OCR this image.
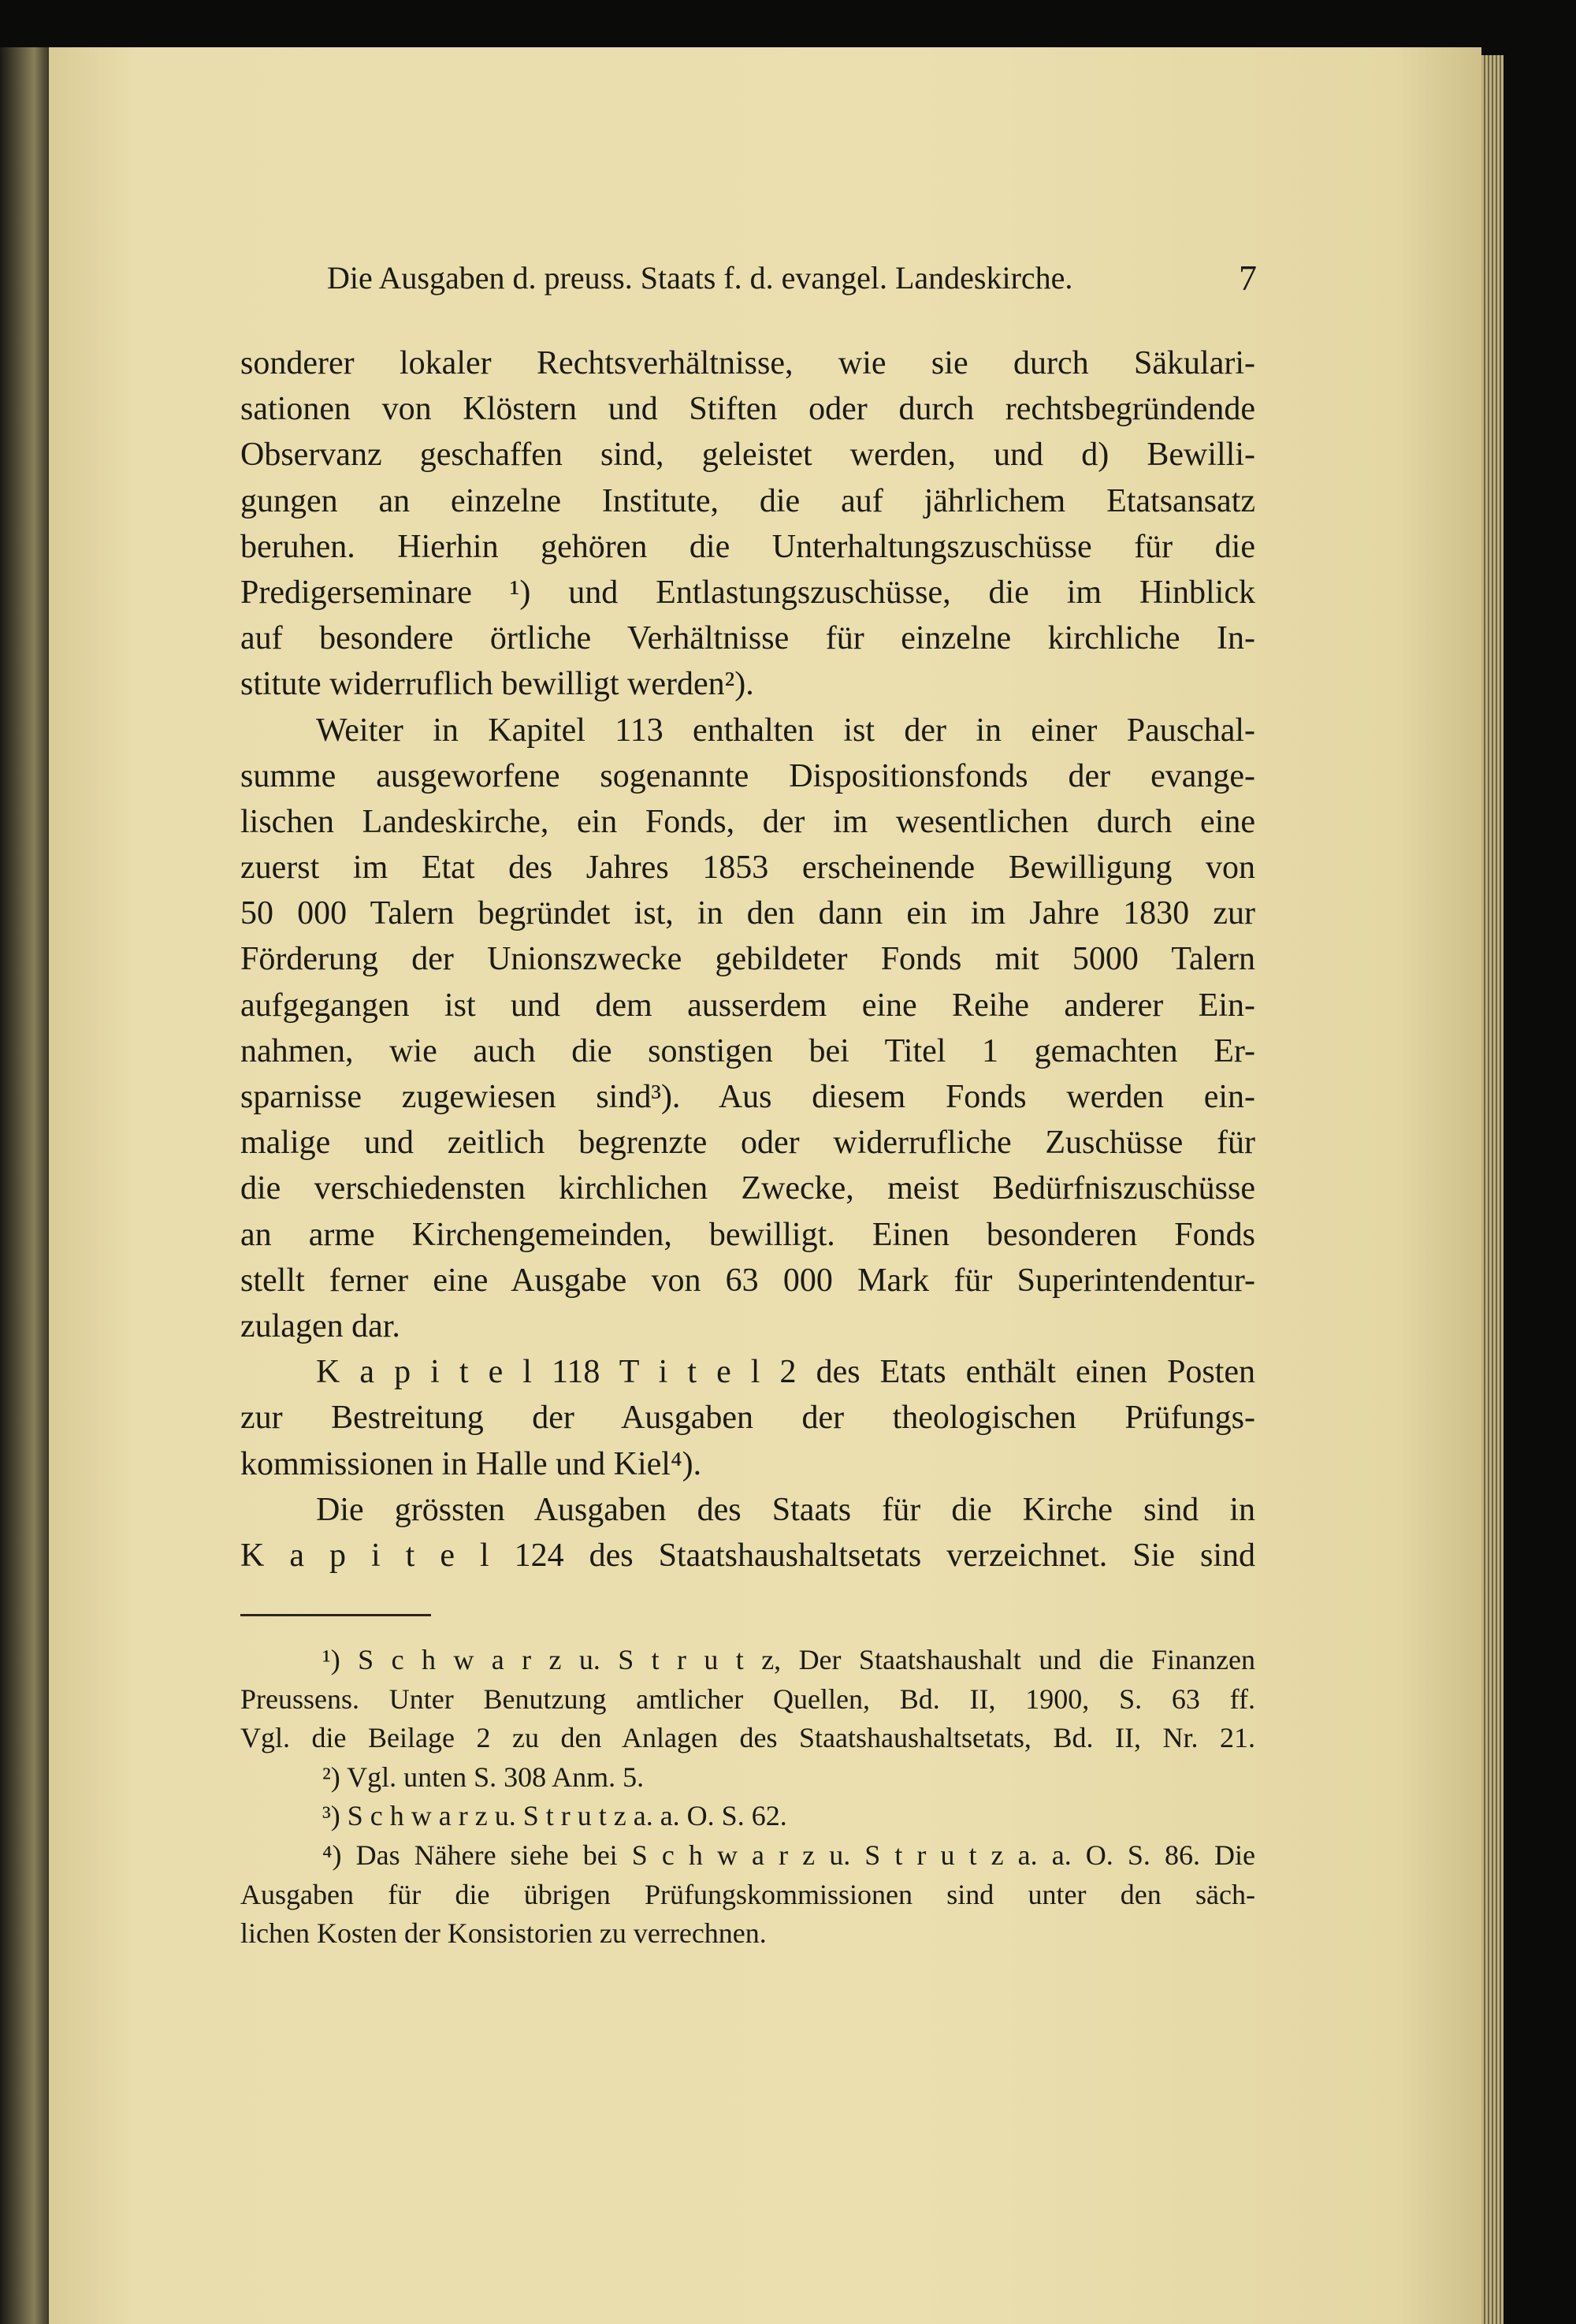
Die Ausgaben d. preuss. Staats f. d. evangel. Landeskirche.	7
sonderer lokaler Rechtsverhältnisse, wie sie durch Säkulari-
sationen von Klöstern und Stiften oder durch rechtsbegründende
Observanz geschaffen sind, geleistet werden, und d) Bewilli-
gungen an einzelne Institute, die auf jährlichem Etatsansatz
beruhen. Hierhin gehören die Unterhaltungszuschüsse für die
Predigerseminare ¹) und Entlastungszuschüsse, die im Hinblick
auf besondere örtliche Verhältnisse für einzelne kirchliche In-
stitute widerruflich bewilligt werden²).
Weiter in Kapitel 113 enthalten ist der in einer Pauschal-
summe ausgeworfene sogenannte Dispositionsfonds der evange-
lischen Landeskirche, ein Fonds, der im wesentlichen durch eine
zuerst im Etat des Jahres 1853 erscheinende Bewilligung von
50 000 Talern begründet ist, in den dann ein im Jahre 1830 zur
Förderung der Unionszwecke gebildeter Fonds mit 5000 Talern
aufgegangen ist und dem ausserdem eine Reihe anderer Ein-
nahmen, wie auch die sonstigen bei Titel 1 gemachten Er-
sparnisse zugewiesen sind³). Aus diesem Fonds werden ein-
malige und zeitlich begrenzte oder widerrufliche Zuschüsse für
die verschiedensten kirchlichen Zwecke, meist Bedürfniszuschüsse
an arme Kirchengemeinden, bewilligt. Einen besonderen Fonds
stellt ferner eine Ausgabe von 63 000 Mark für Superintendentur-
zulagen dar.
K a p i t e l 118 T i t e l 2 des Etats enthält einen Posten
zur Bestreitung der Ausgaben der theologischen Prüfungs-
kommissionen in Halle und Kiel⁴).
Die grössten Ausgaben des Staats für die Kirche sind in
K a p i t e l 124 des Staatshaushaltsetats verzeichnet. Sie sind
¹) S c h w a r z u. S t r u t z, Der Staatshaushalt und die Finanzen
Preussens. Unter Benutzung amtlicher Quellen, Bd. II, 1900, S. 63 ff.
Vgl. die Beilage 2 zu den Anlagen des Staatshaushaltsetats, Bd. II, Nr. 21.
²) Vgl. unten S. 308 Anm. 5.
³) S c h w a r z u. S t r u t z a. a. O. S. 62.
⁴) Das Nähere siehe bei S c h w a r z u. S t r u t z a. a. O. S. 86. Die
Ausgaben für die übrigen Prüfungskommissionen sind unter den säch-
lichen Kosten der Konsistorien zu verrechnen.
